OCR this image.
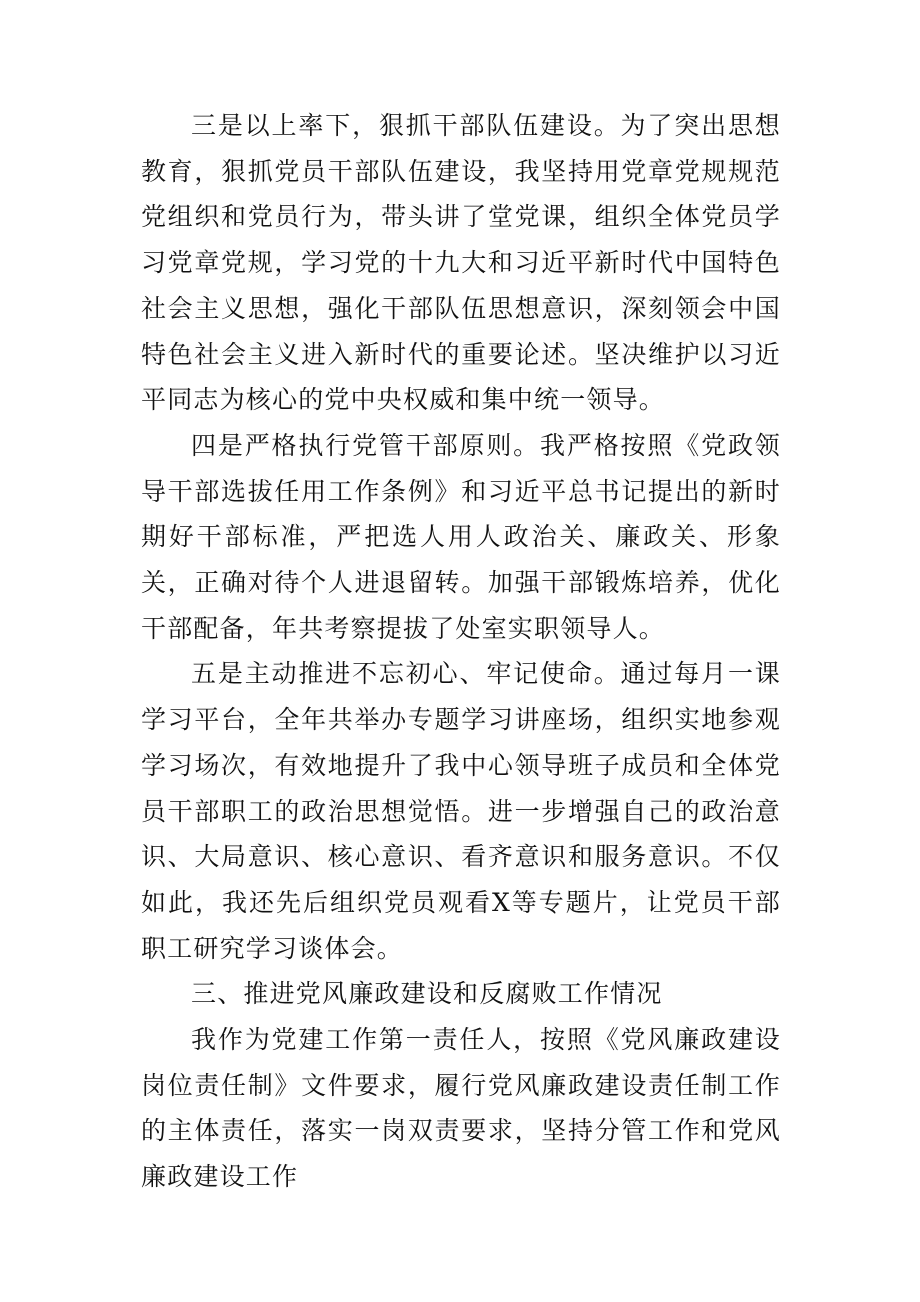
三是以上率下，狠抓干部队伍建设。为了突出思想教育，狠抓党员干部队伍建设，我坚持用党章党规规范党组织和党员行为，带头讲了堂党课，组织全体党员学习党章党规，学习党的十九大和习近平新时代中国特色社会主义思想，强化干部队伍思想意识，深刻领会中国特色社会主义进入新时代的重要论述。坚决维护以习近平同志为核心的党中央权威和集中统一领导。

四是严格执行党管干部原则。我严格按照《党政领导干部选拔任用工作条例》和习近平总书记提出的新时期好干部标准，严把选人用人政治关、廉政关、形象关，正确对待个人进退留转。加强干部锻炼培养，优化干部配备，年共考察提拔了处室实职领导人。

五是主动推进不忘初心、牢记使命。通过每月一课学习平台，全年共举办专题学习讲座场，组织实地参观学习场次，有效地提升了我中心领导班子成员和全体党员干部职工的政治思想觉悟。进一步增强自己的政治意识、大局意识、核心意识、看齐意识和服务意识。不仅如此，我还先后组织党员观看X等专题片，让党员干部职工研究学习谈体会。

三、推进党风廉政建设和反腐败工作情况

我作为党建工作第一责任人，按照《党风廉政建设岗位责任制》文件要求，履行党风廉政建设责任制工作的主体责任，落实一岗双责要求，坚持分管工作和党风廉政建设工作
